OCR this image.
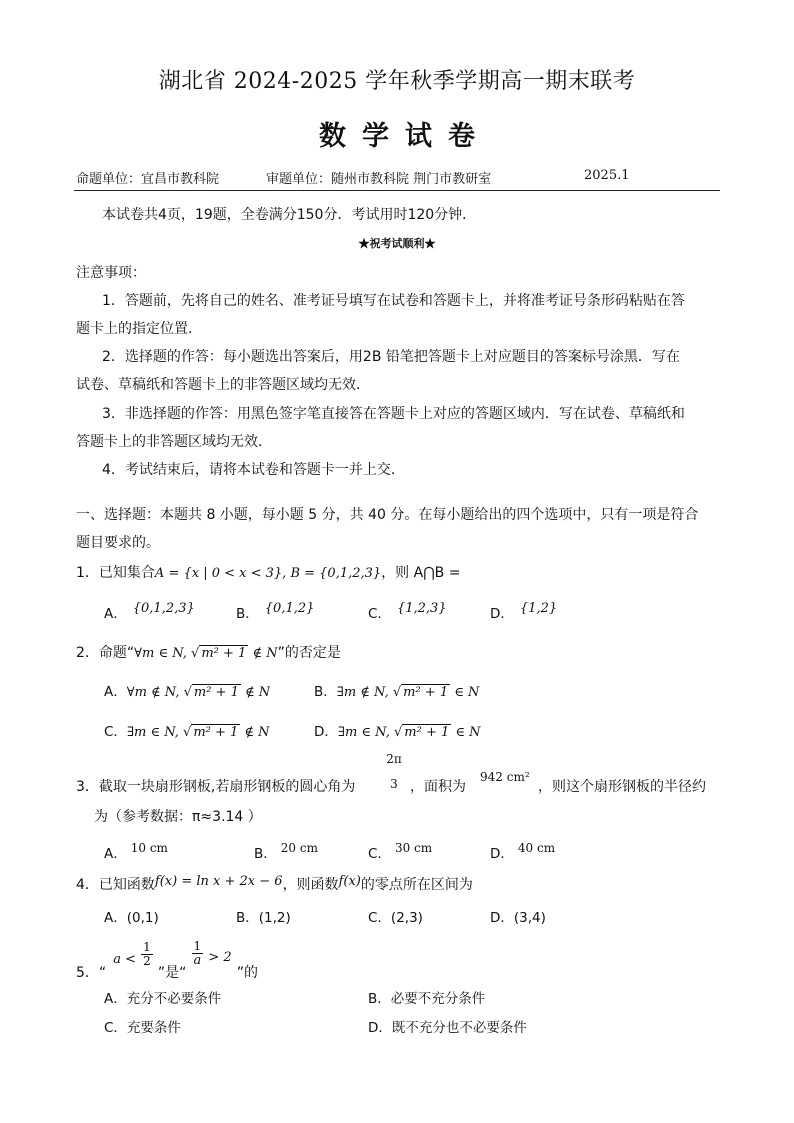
湖北省 2024-2025 学年秋季学期高一期末联考
数学试卷
命题单位：宜昌市教科院	审题单位：随州市教科院 荆门市教研室	2025.1
本试卷共4页，19题，全卷满分150分．考试用时120分钟．
★祝考试顺利★
注意事项：
1．答题前，先将自己的姓名、准考证号填写在试卷和答题卡上，并将准考证号条形码粘贴在答
题卡上的指定位置．
2．选择题的作答：每小题选出答案后，用2B 铅笔把答题卡上对应题目的答案标号涂黑．写在
试卷、草稿纸和答题卡上的非答题区域均无效．
3．非选择题的作答：用黑色签字笔直接答在答题卡上对应的答题区域内．写在试卷、草稿纸和
答题卡上的非答题区域均无效．
4．考试结束后，请将本试卷和答题卡一并上交．
一、选择题：本题共 8 小题，每小题 5 分，共 40 分。在每小题给出的四个选项中，只有一项是符合
题目要求的。
1．已知集合A = {x | 0 < x < 3}, B = {0,1,2,3}，则 A⋂B =
A． {0,1,2,3}	B． {0,1,2}	C． {1,2,3}	D． {1,2}
2．命题“∀m ∈ N, √ m² + 1 ∉ N”的否定是
A．∀m ∉ N, √ m² + 1 ∉ N	B．∃m ∉ N, √ m² + 1 ∈ N
C．∃m ∈ N, √ m² + 1 ∉ N	D．∃m ∈ N, √ m² + 1 ∈ N
3．截取一块扇形钢板,若扇形钢板的圆心角为
2π
3 ，面积为
942 cm²
，则这个扇形钢板的半径约
为（参考数据：π≈3.14 ）
A． 10 cm	B． 20 cm	C． 30 cm	D． 40 cm
4．已知函数$^{f(x) = ln x + 2x - 6}$，则函数$^{f(x)}$的零点所在区间为
A．(0,1)	B．(1,2)	C．(2,3)	D．(3,4)
5．“ $_{a <} \frac{1}{2}$
”是“
$\frac{1}{a} _{> 2}$ ”的
A．充分不必要条件	B．必要不充分条件
C．充要条件	D．既不充分也不必要条件
